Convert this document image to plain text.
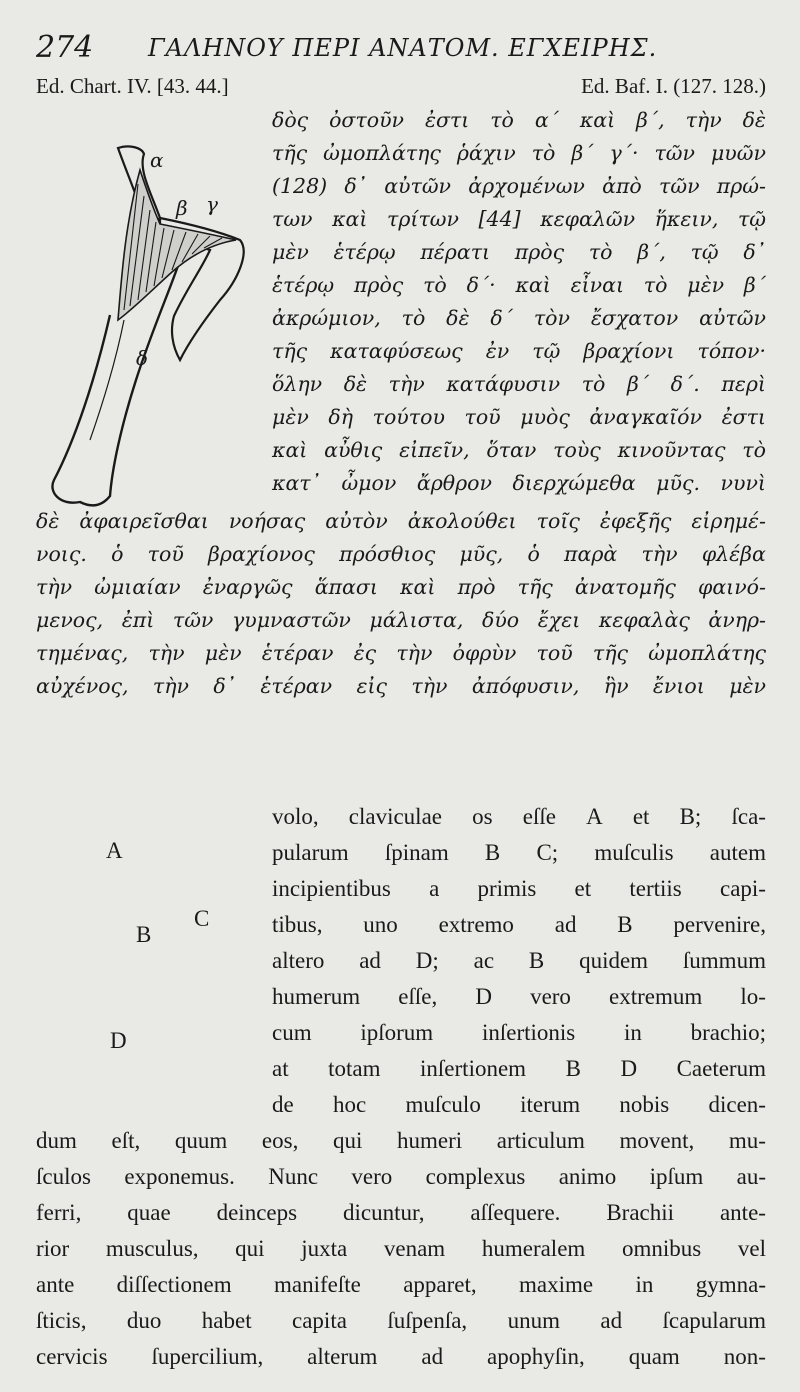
274 ΓΑΛΗΝΟΥ ΠΕΡΙ ΑΝΑΤΟΜ. ΕΓΧΕΙΡΗΣ.
Ed. Chart. IV. [43. 44.]	Ed. Baf. I. (127. 128.)
α
β γ
δ
δὸς ὀστοῦν ἐστι τὸ α΄ καὶ β΄, τὴν δὲ
τῆς ὠμοπλάτης ῥάχιν τὸ β΄ γ΄· τῶν μυῶν
(128) δ᾽ αὐτῶν ἀρχομένων ἀπὸ τῶν πρώ-
των καὶ τρίτων [44] κεφαλῶν ἥκειν, τῷ
μὲν ἑτέρῳ πέρατι πρὸς τὸ β΄, τῷ δ᾽
ἑτέρῳ πρὸς τὸ δ΄· καὶ εἶναι τὸ μὲν β΄
ἀκρώμιον, τὸ δὲ δ΄ τὸν ἔσχατον αὐτῶν
τῆς καταφύσεως ἐν τῷ βραχίονι τόπον·
ὅλην δὲ τὴν κατάφυσιν τὸ β΄ δ΄. περὶ
μὲν δὴ τούτου τοῦ μυὸς ἀναγκαῖόν ἐστι
καὶ αὖθις εἰπεῖν, ὅταν τοὺς κινοῦντας τὸ
κατ᾽ ὦμον ἄρθρον διερχώμεθα μῦς. νυνὶ
δὲ ἀφαιρεῖσθαι νοήσας αὐτὸν ἀκολούθει τοῖς ἐφεξῆς εἰρημέ-
νοις. ὁ τοῦ βραχίονος πρόσθιος μῦς, ὁ παρὰ τὴν φλέβα
τὴν ὠμιαίαν ἐναργῶς ἅπασι καὶ πρὸ τῆς ἀνατομῆς φαινό-
μενος, ἐπὶ τῶν γυμναστῶν μάλιστα, δύο ἔχει κεφαλὰς ἀνηρ-
τημένας, τὴν μὲν ἑτέραν ἐς τὴν ὀφρὺν τοῦ τῆς ὠμοπλάτης
αὐχένος, τὴν δ᾽ ἑτέραν εἰς τὴν ἀπόφυσιν, ἣν ἔνιοι μὲν
A
B
C
D
volo, claviculae os eſſe A et B; ſca-
pularum ſpinam B C; muſculis autem
incipientibus a primis et tertiis capi-
tibus, uno extremo ad B pervenire,
altero ad D; ac B quidem ſummum
humerum eſſe, D vero extremum lo-
cum ipſorum inſertionis in brachio;
at totam inſertionem B D Caeterum
de hoc muſculo iterum nobis dicen-
dum eſt, quum eos, qui humeri articulum movent, mu-
ſculos exponemus. Nunc vero complexus animo ipſum au-
ferri, quae deinceps dicuntur, aſſequere. Brachii ante-
rior musculus, qui juxta venam humeralem omnibus vel
ante diſſectionem manifeſte apparet, maxime in gymna-
ſticis, duo habet capita ſuſpenſa, unum ad ſcapularum
cervicis ſupercilium, alterum ad apophyſin, quam non-
